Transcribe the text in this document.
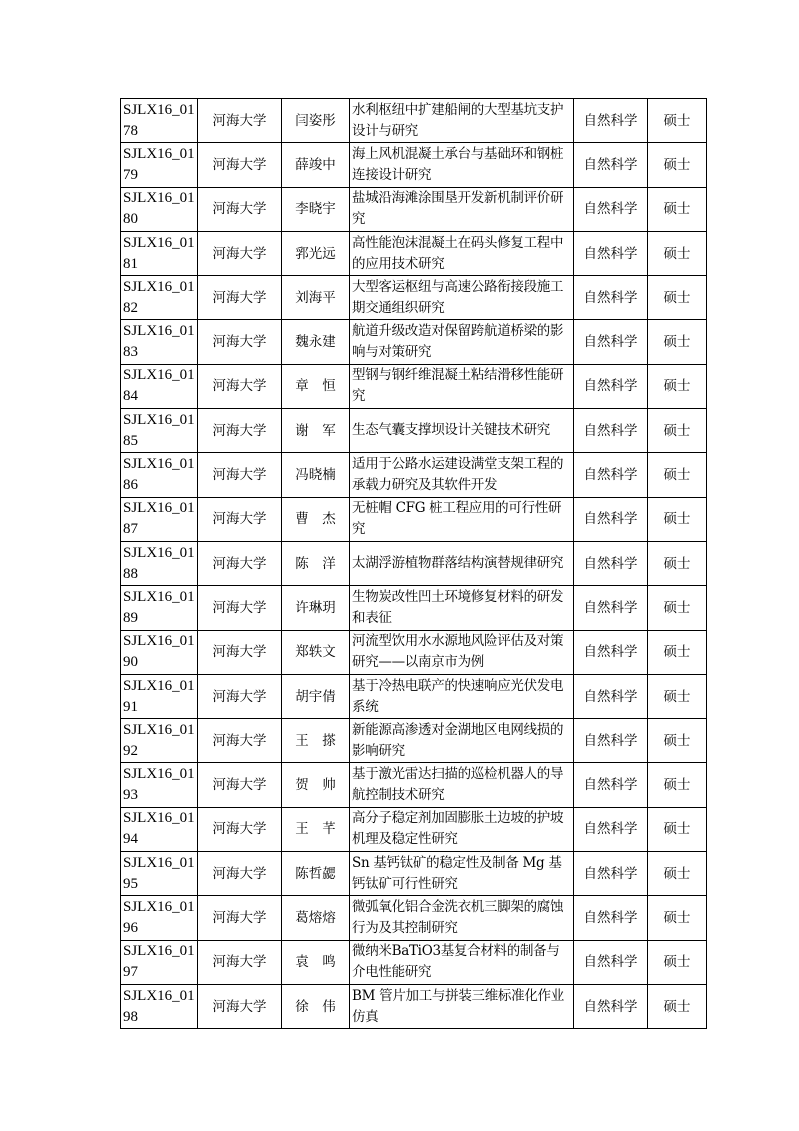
SJLX16_0178	河海大学	闫姿彤	水利枢纽中扩建船闸的大型基坑支护设计与研究	自然科学	硕士
SJLX16_0179	河海大学	薛竣中	海上风机混凝土承台与基础环和钢桩连接设计研究	自然科学	硕士
SJLX16_0180	河海大学	李晓宇	盐城沿海滩涂围垦开发新机制评价研究	自然科学	硕士
SJLX16_0181	河海大学	郛光远	高性能泡沫混凝土在码头修复工程中的应用技术研究	自然科学	硕士
SJLX16_0182	河海大学	刘海平	大型客运枢纽与高速公路衔接段施工期交通组织研究	自然科学	硕士
SJLX16_0183	河海大学	魏永建	航道升级改造对保留跨航道桥梁的影响与对策研究	自然科学	硕士
SJLX16_0184	河海大学	章　恒	型钢与钢纤维混凝土粘结滑移性能研究	自然科学	硕士
SJLX16_0185	河海大学	谢　军	生态气囊支撑坝设计关键技术研究	自然科学	硕士
SJLX16_0186	河海大学	冯晓楠	适用于公路水运建设满堂支架工程的承载力研究及其软件开发	自然科学	硕士
SJLX16_0187	河海大学	曹　杰	无桩帽 CFG 桩工程应用的可行性研究	自然科学	硕士
SJLX16_0188	河海大学	陈　洋	太湖浮游植物群落结构演替规律研究	自然科学	硕士
SJLX16_0189	河海大学	许琳玥	生物炭改性凹土环境修复材料的研发和表征	自然科学	硕士
SJLX16_0190	河海大学	郑轶文	河流型饮用水水源地风险评估及对策研究——以南京市为例	自然科学	硕士
SJLX16_0191	河海大学	胡宇倩	基于冷热电联产的快速响应光伏发电系统	自然科学	硕士
SJLX16_0192	河海大学	王　搽	新能源高渗透对金湖地区电网线损的影响研究	自然科学	硕士
SJLX16_0193	河海大学	贺　帅	基于激光雷达扫描的巡检机器人的导航控制技术研究	自然科学	硕士
SJLX16_0194	河海大学	王　芊	高分子稳定剂加固膨胀土边坡的护坡机理及稳定性研究	自然科学	硕士
SJLX16_0195	河海大学	陈哲勰	Sn 基钙钛矿的稳定性及制备 Mg 基钙钛矿可行性研究	自然科学	硕士
SJLX16_0196	河海大学	葛熔熔	微弧氧化铝合金洗衣机三脚架的腐蚀行为及其控制研究	自然科学	硕士
SJLX16_0197	河海大学	袁　鸣	微纳米BaTiO3基复合材料的制备与介电性能研究	自然科学	硕士
SJLX16_0198	河海大学	徐　伟	BM 管片加工与拼装三维标准化作业仿真	自然科学	硕士
